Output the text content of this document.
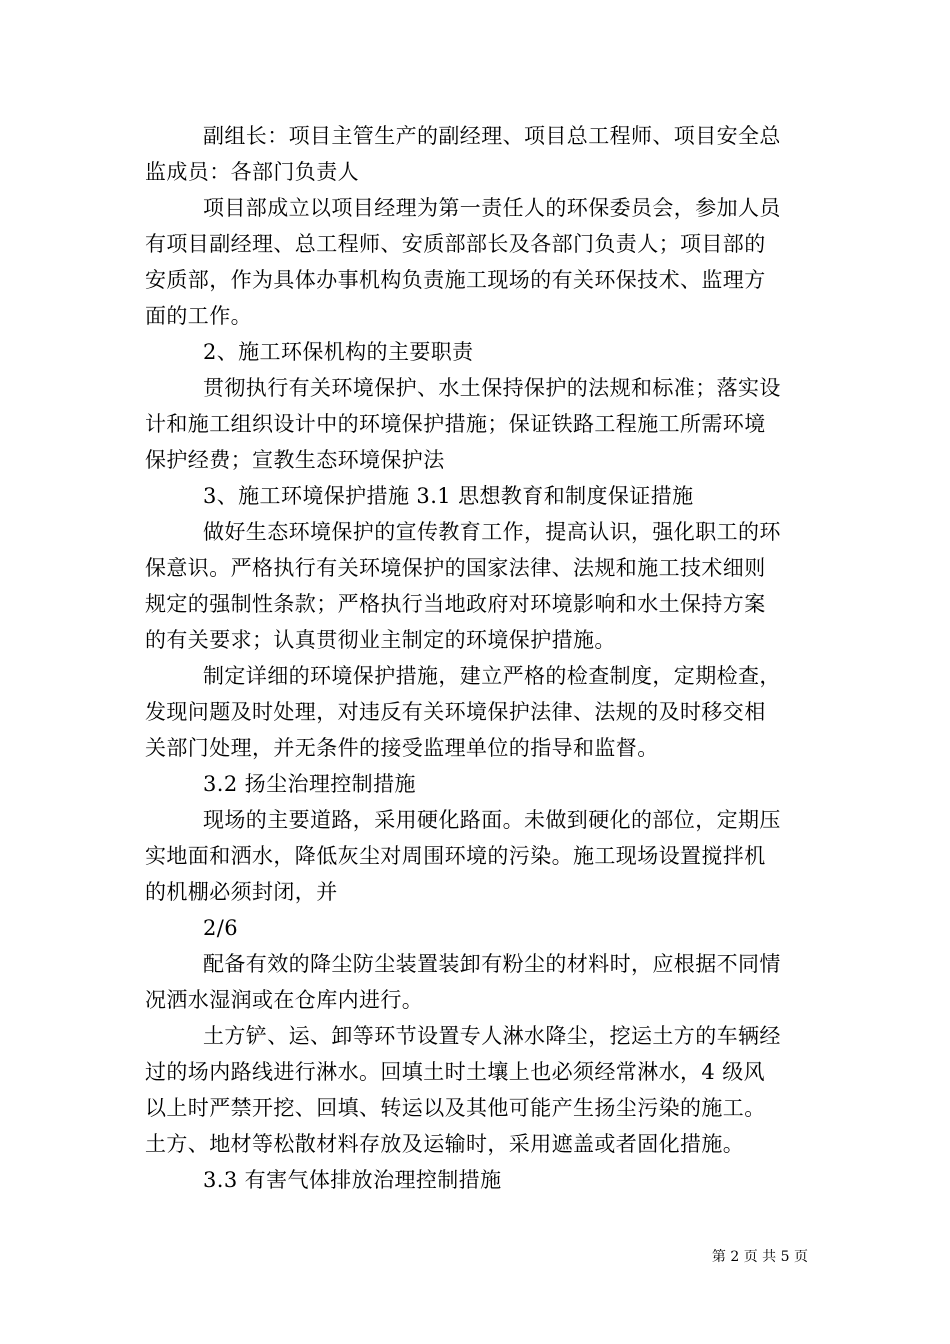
副组长：项目主管生产的副经理、项目总工程师、项目安全总
监成员：各部门负责人
项目部成立以项目经理为第一责任人的环保委员会，参加人员
有项目副经理、总工程师、安质部部长及各部门负责人；项目部的
安质部，作为具体办事机构负责施工现场的有关环保技术、监理方
面的工作。
2、施工环保机构的主要职责
贯彻执行有关环境保护、水土保持保护的法规和标准；落实设
计和施工组织设计中的环境保护措施；保证铁路工程施工所需环境
保护经费；宣教生态环境保护法
3、施工环境保护措施 3.1 思想教育和制度保证措施
做好生态环境保护的宣传教育工作，提高认识，强化职工的环
保意识。严格执行有关环境保护的国家法律、法规和施工技术细则
规定的强制性条款；严格执行当地政府对环境影响和水土保持方案
的有关要求；认真贯彻业主制定的环境保护措施。
制定详细的环境保护措施，建立严格的检查制度，定期检查，
发现问题及时处理，对违反有关环境保护法律、法规的及时移交相
关部门处理，并无条件的接受监理单位的指导和监督。
3.2 扬尘治理控制措施
现场的主要道路，采用硬化路面。未做到硬化的部位，定期压
实地面和洒水，降低灰尘对周围环境的污染。施工现场设置搅拌机
的机棚必须封闭，并
2/6
配备有效的降尘防尘装置装卸有粉尘的材料时，应根据不同情
况洒水湿润或在仓库内进行。
土方铲、运、卸等环节设置专人淋水降尘，挖运土方的车辆经
过的场内路线进行淋水。回填土时土壤上也必须经常淋水，4 级风
以上时严禁开挖、回填、转运以及其他可能产生扬尘污染的施工。
土方、地材等松散材料存放及运输时，采用遮盖或者固化措施。
3.3 有害气体排放治理控制措施
第 2 页 共 5 页
